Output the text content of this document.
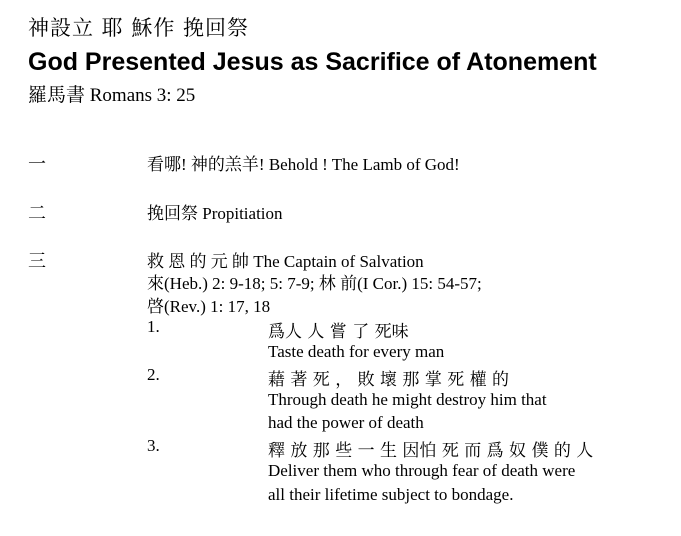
神設立 耶 穌作 挽回祭
God Presented Jesus as Sacrifice of Atonement
羅馬書 Romans 3: 25
一	看哪! 神的羔羊! Behold ! The Lamb of God!
二	挽回祭 Propitiation
三	救 恩 的 元 帥 The Captain of Salvation
來(Heb.) 2: 9-18; 5: 7-9; 林 前(I Cor.) 15: 54-57;
啓(Rev.) 1: 17, 18
1.	爲人 人 嘗 了 死味
Taste death for every man
2.	藉 著 死 ， 敗 壞 那 掌 死 權 的
Through death he might destroy him that
had the power of death
3.	釋 放 那 些 一 生 因怕 死 而 爲 奴 僕 的 人
Deliver them who through fear of death were
all their lifetime subject to bondage.
